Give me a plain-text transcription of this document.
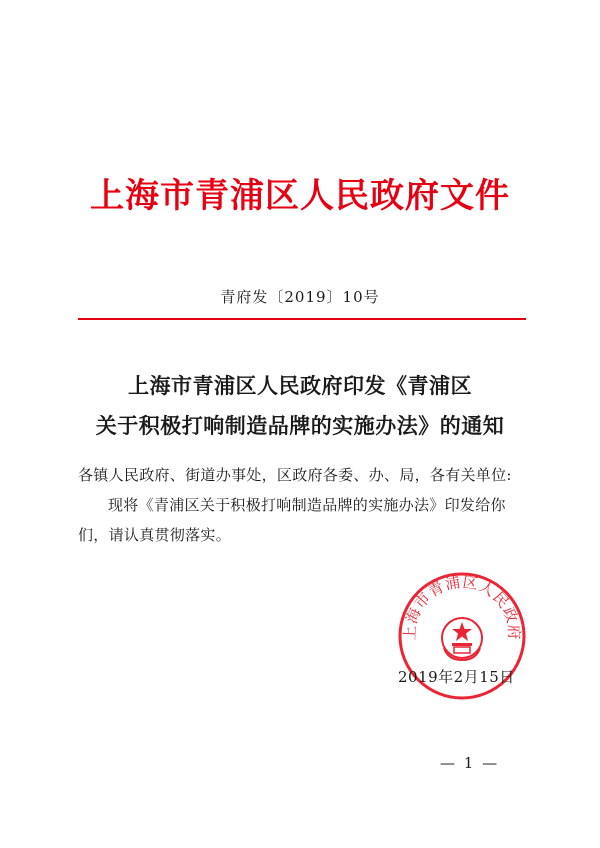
上海市青浦区人民政府文件
青府发〔2019〕10号
上海市青浦区人民政府印发《青浦区
关于积极打响制造品牌的实施办法》的通知
各镇人民政府、街道办事处，区政府各委、办、局，各有关单位:
现将《青浦区关于积极打响制造品牌的实施办法》印发给你
们，请认真贯彻落实。
上海市青浦区人民政府
2019年2月15日
— 1 —
